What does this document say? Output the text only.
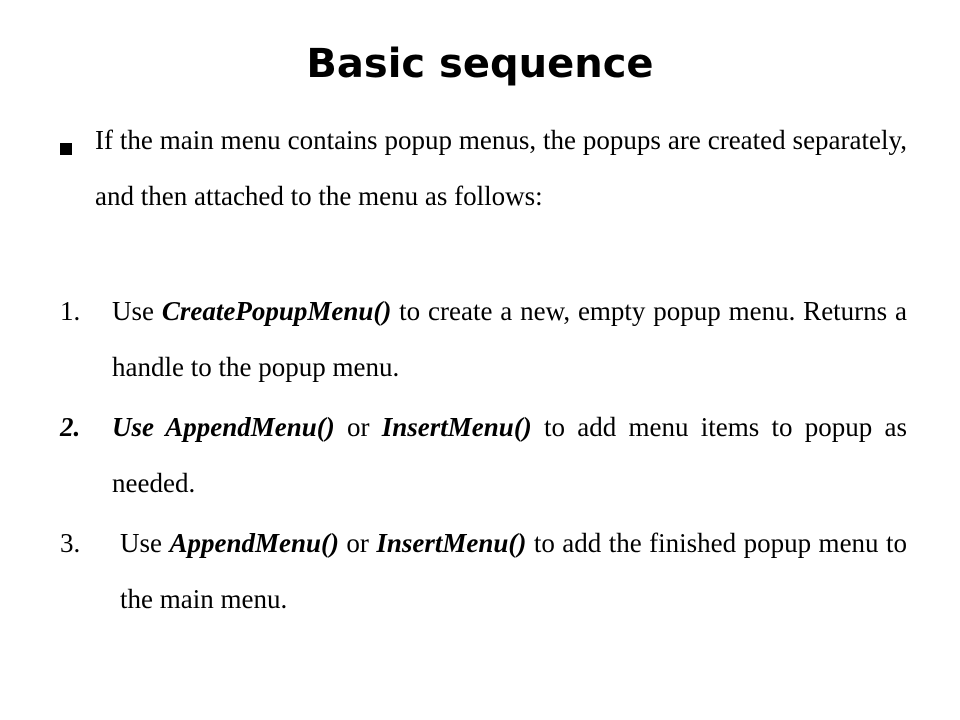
Basic sequence
If the main menu contains popup menus, the popups are created separately, and then attached to the menu as follows:
1. Use CreatePopupMenu() to create a new, empty popup menu. Returns a handle to the popup menu.
2. Use AppendMenu() or InsertMenu() to add menu items to popup as needed.
3. Use AppendMenu() or InsertMenu() to add the finished popup menu to the main menu.
